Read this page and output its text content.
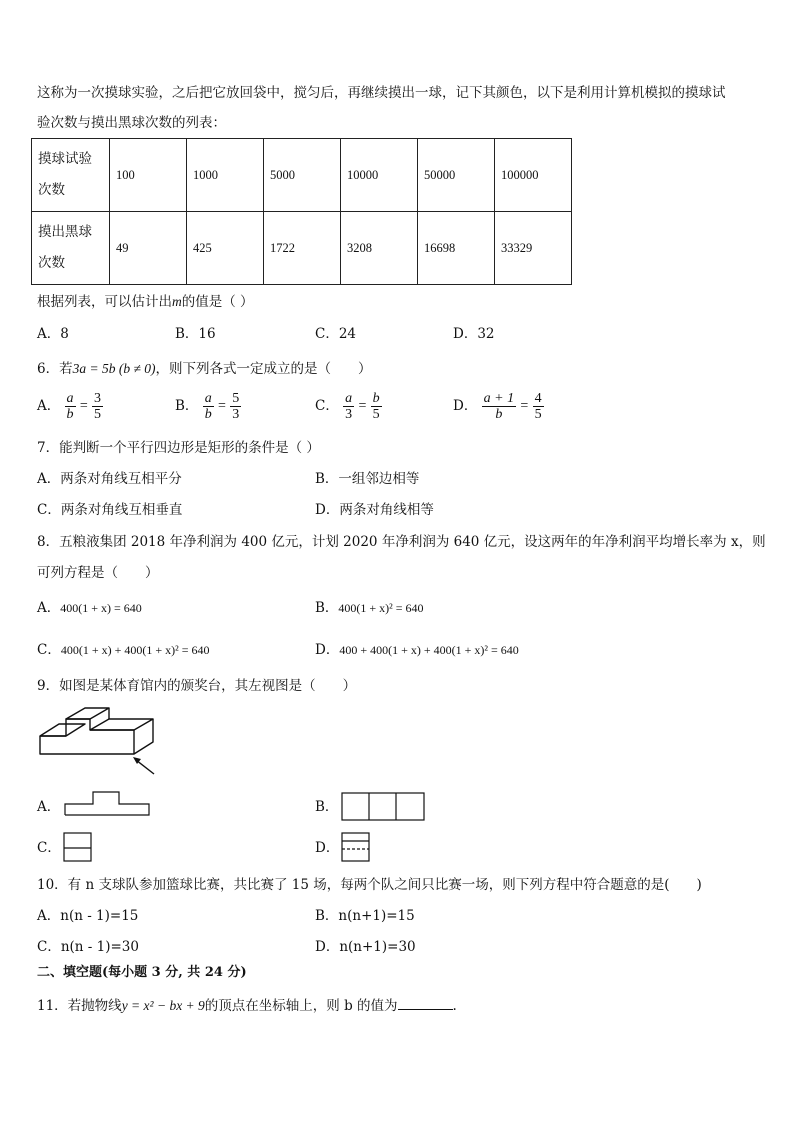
这称为一次摸球实验，之后把它放回袋中，搅匀后，再继续摸出一球，记下其颜色，以下是利用计算机模拟的摸球试
验次数与摸出黑球次数的列表：
摸球试验
次数	100	1000	5000	10000	50000	100000

摸出黑球
次数	49	425	1722	3208	16698	33329
根据列表，可以估计出m的值是（ ）
A．8	B．16	C．24	D．32
6．若3a = 5b (b ≠ 0)，则下列各式一定成立的是（　　）
A． $\frac{a}{b} = \frac{3}{5}$	B． $\frac{a}{b} = \frac{5}{3}$	C． $\frac{a}{3} = \frac{b}{5}$	D． $\frac{a + 1}{b} = \frac{4}{5}$
7．能判断一个平行四边形是矩形的条件是（ ）
A．两条对角线互相平分	B．一组邻边相等
C．两条对角线互相垂直	D．两条对角线相等
8．五粮液集团 2018 年净利润为 400 亿元，计划 2020 年净利润为 640 亿元，设这两年的年净利润平均增长率为 x，则
可列方程是（　　）
A．400(1 + x) = 640	B．400(1 + x)² = 640
C．400(1 + x) + 400(1 + x)² = 640	D．400 + 400(1 + x) + 400(1 + x)² = 640
9．如图是某体育馆内的颁奖台，其左视图是（　　）
A．	B．
C．	D．
10．有 n 支球队参加篮球比赛，共比赛了 15 场，每两个队之间只比赛一场，则下列方程中符合题意的是(　　)
A．n(n - 1)=15	B．n(n+1)=15
C．n(n - 1)=30	D．n(n+1)=30
二、填空题(每小题 3 分, 共 24 分)
11．若抛物线y = x² − bx + 9的顶点在坐标轴上，则 b 的值为	.
